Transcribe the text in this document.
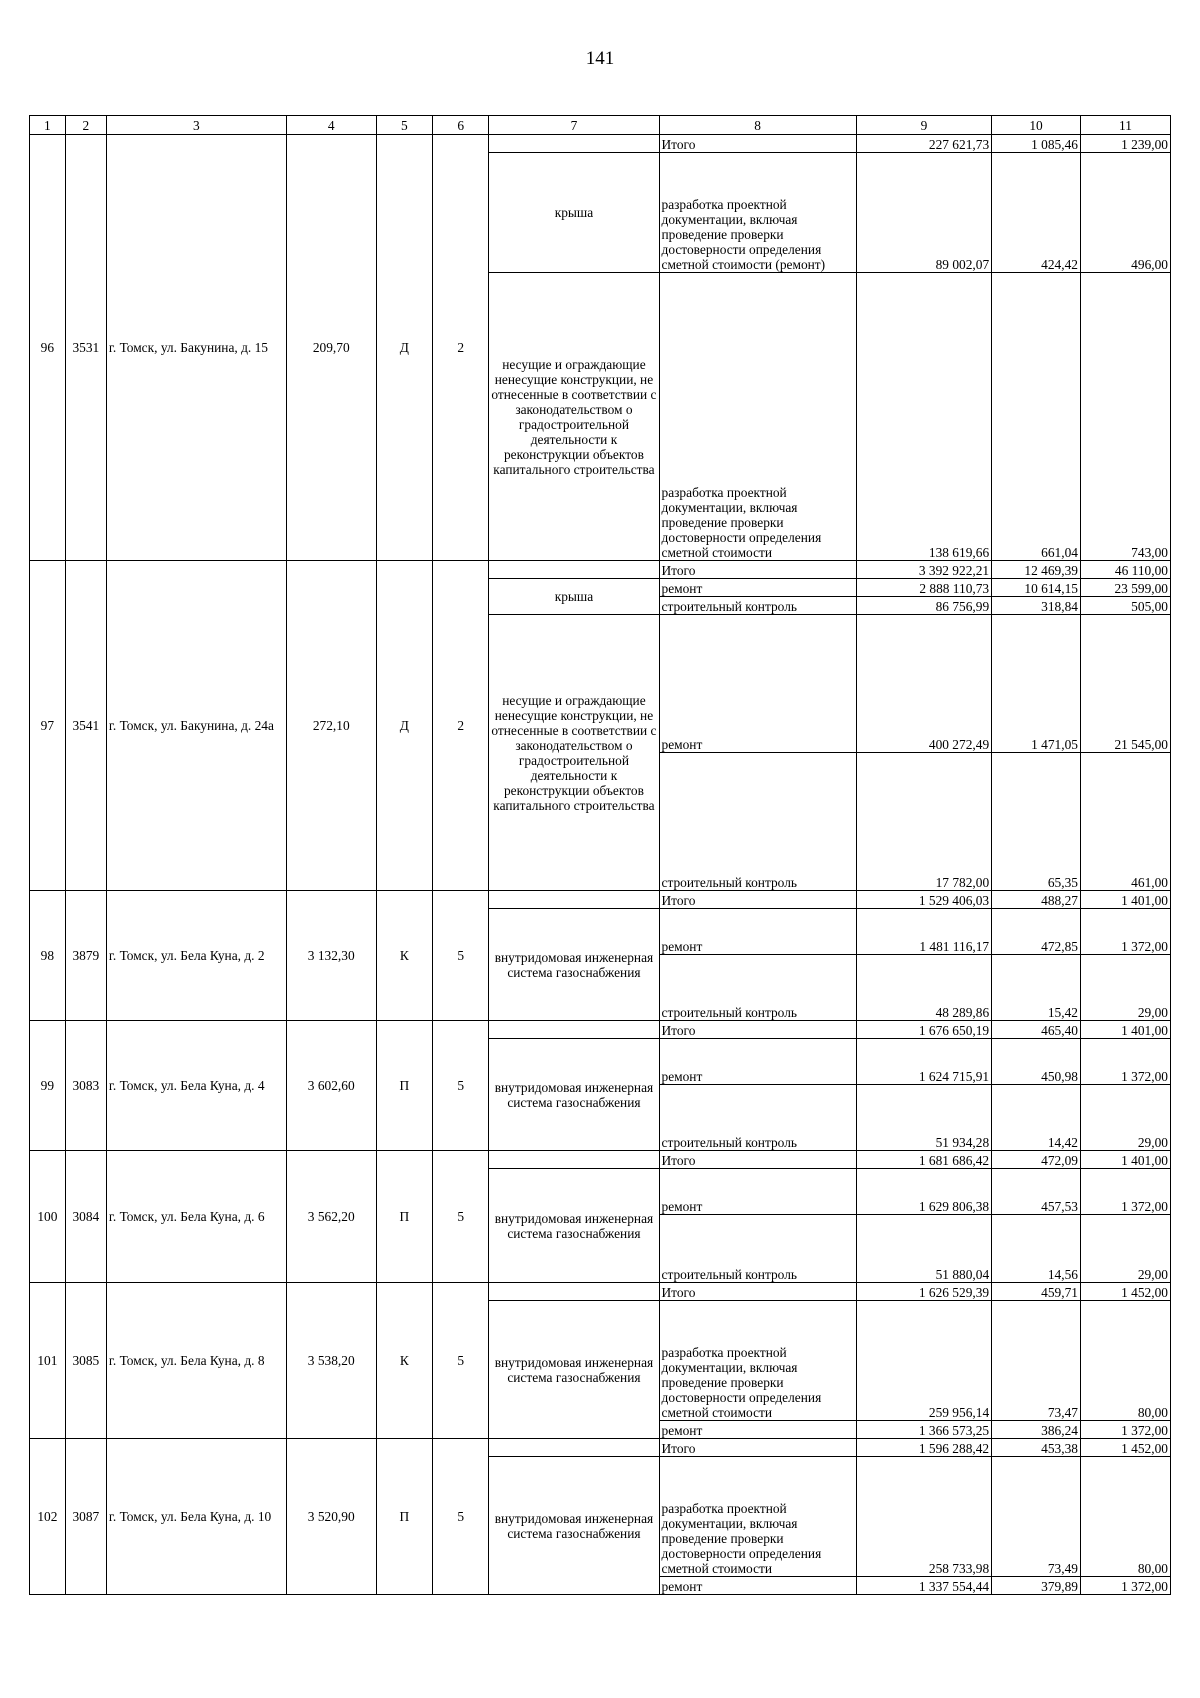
141
1	2	3	4	5	6	7	8	9	10	11
96	3531	г. Томск, ул. Бакунина, д. 15	209,70	Д	2		Итого	227 621,73	1 085,46	1 239,00
						крыша	разработка проектной документации, включая проведение проверки достоверности определения сметной стоимости (ремонт)	89 002,07	424,42	496,00
						несущие и ограждающие ненесущие конструкции, не отнесенные в соответствии с законодательством о градостроительной деятельности к реконструкции объектов капитального строительства	разработка проектной документации, включая проведение проверки достоверности определения сметной стоимости	138 619,66	661,04	743,00
97	3541	г. Томск, ул. Бакунина, д. 24а	272,10	Д	2		Итого	3 392 922,21	12 469,39	46 110,00
						крыша	ремонт	2 888 110,73	10 614,15	23 599,00
							строительный контроль	86 756,99	318,84	505,00
						несущие и ограждающие ненесущие конструкции, не отнесенные в соответствии с законодательством о градостроительной деятельности к реконструкции объектов капитального строительства	ремонт	400 272,49	1 471,05	21 545,00
							строительный контроль	17 782,00	65,35	461,00
98	3879	г. Томск, ул. Бела Куна, д. 2	3 132,30	К	5		Итого	1 529 406,03	488,27	1 401,00
						внутридомовая инженерная система газоснабжения	ремонт	1 481 116,17	472,85	1 372,00
							строительный контроль	48 289,86	15,42	29,00
99	3083	г. Томск, ул. Бела Куна, д. 4	3 602,60	П	5		Итого	1 676 650,19	465,40	1 401,00
						внутридомовая инженерная система газоснабжения	ремонт	1 624 715,91	450,98	1 372,00
							строительный контроль	51 934,28	14,42	29,00
100	3084	г. Томск, ул. Бела Куна, д. 6	3 562,20	П	5		Итого	1 681 686,42	472,09	1 401,00
						внутридомовая инженерная система газоснабжения	ремонт	1 629 806,38	457,53	1 372,00
							строительный контроль	51 880,04	14,56	29,00
101	3085	г. Томск, ул. Бела Куна, д. 8	3 538,20	К	5		Итого	1 626 529,39	459,71	1 452,00
						внутридомовая инженерная система газоснабжения	разработка проектной документации, включая проведение проверки достоверности определения сметной стоимости	259 956,14	73,47	80,00
							ремонт	1 366 573,25	386,24	1 372,00
102	3087	г. Томск, ул. Бела Куна, д. 10	3 520,90	П	5		Итого	1 596 288,42	453,38	1 452,00
						внутридомовая инженерная система газоснабжения	разработка проектной документации, включая проведение проверки достоверности определения сметной стоимости	258 733,98	73,49	80,00
							ремонт	1 337 554,44	379,89	1 372,00
